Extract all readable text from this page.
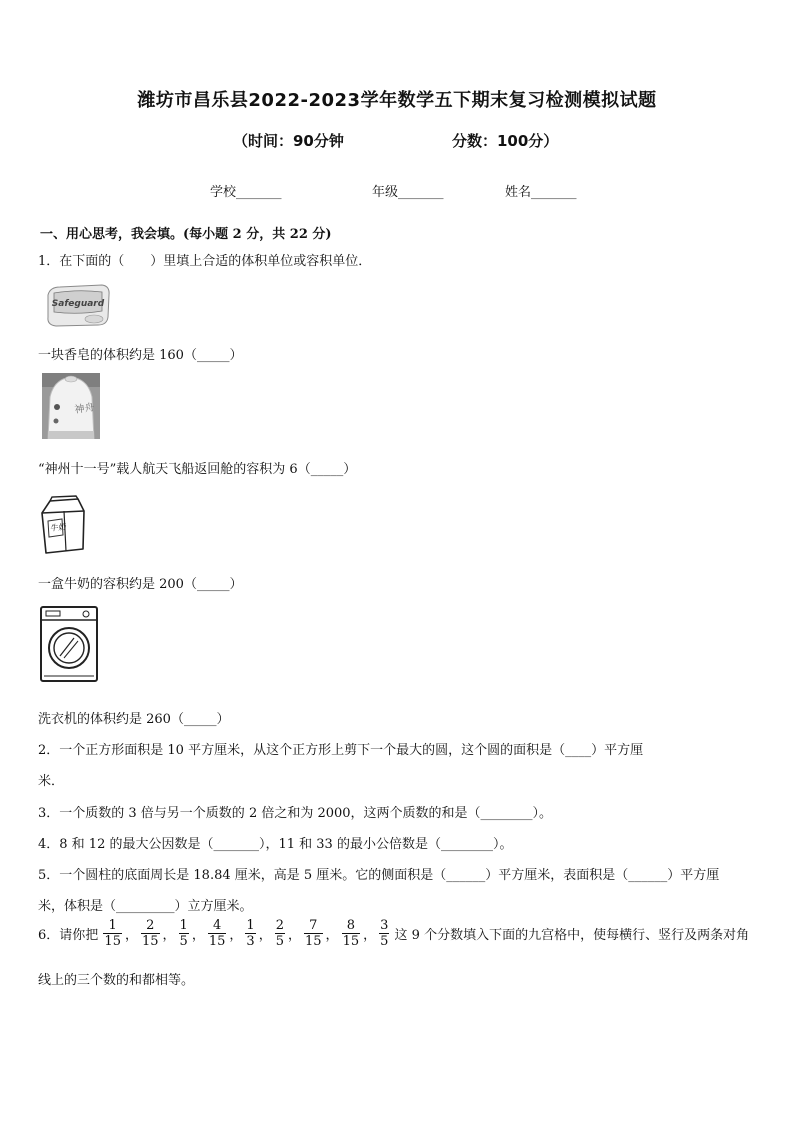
潍坊市昌乐县2022-2023学年数学五下期末复习检测模拟试题
（时间：90分钟	分数：100分）
学校_______	年级_______	姓名_______
一、用心思考，我会填。(每小题 2 分，共 22 分)
1．在下面的（　　）里填上合适的体积单位或容积单位．
Safeguard
一块香皂的体积约是 160（_____）
神舟
“神州十一号”载人航天飞船返回舱的容积为 6（_____）
牛奶
一盒牛奶的容积约是 200（_____）
洗衣机的体积约是 260（_____）
2．一个正方形面积是 10 平方厘米，从这个正方形上剪下一个最大的圆，这个圆的面积是（____）平方厘
米．
3．一个质数的 3 倍与另一个质数的 2 倍之和为 2000，这两个质数的和是（________）。
4．8 和 12 的最大公因数是（_______），11 和 33 的最小公倍数是（________）。
5．一个圆柱的底面周长是 18.84 厘米，高是 5 厘米。它的侧面积是（______）平方厘米，表面积是（______）平方厘
米，体积是（_________）立方厘米。
6．请你把 $\frac{1}{15}$ ， $\frac{2}{15}$ ， $\frac{1}{5}$ ， $\frac{4}{15}$ ， $\frac{1}{3}$ ， $\frac{2}{5}$ ， $\frac{7}{15}$ ， $\frac{8}{15}$ ， $\frac{3}{5}$ 这 9 个分数填入下面的九宫格中，使每横行、竖行及两条对角
线上的三个数的和都相等。
